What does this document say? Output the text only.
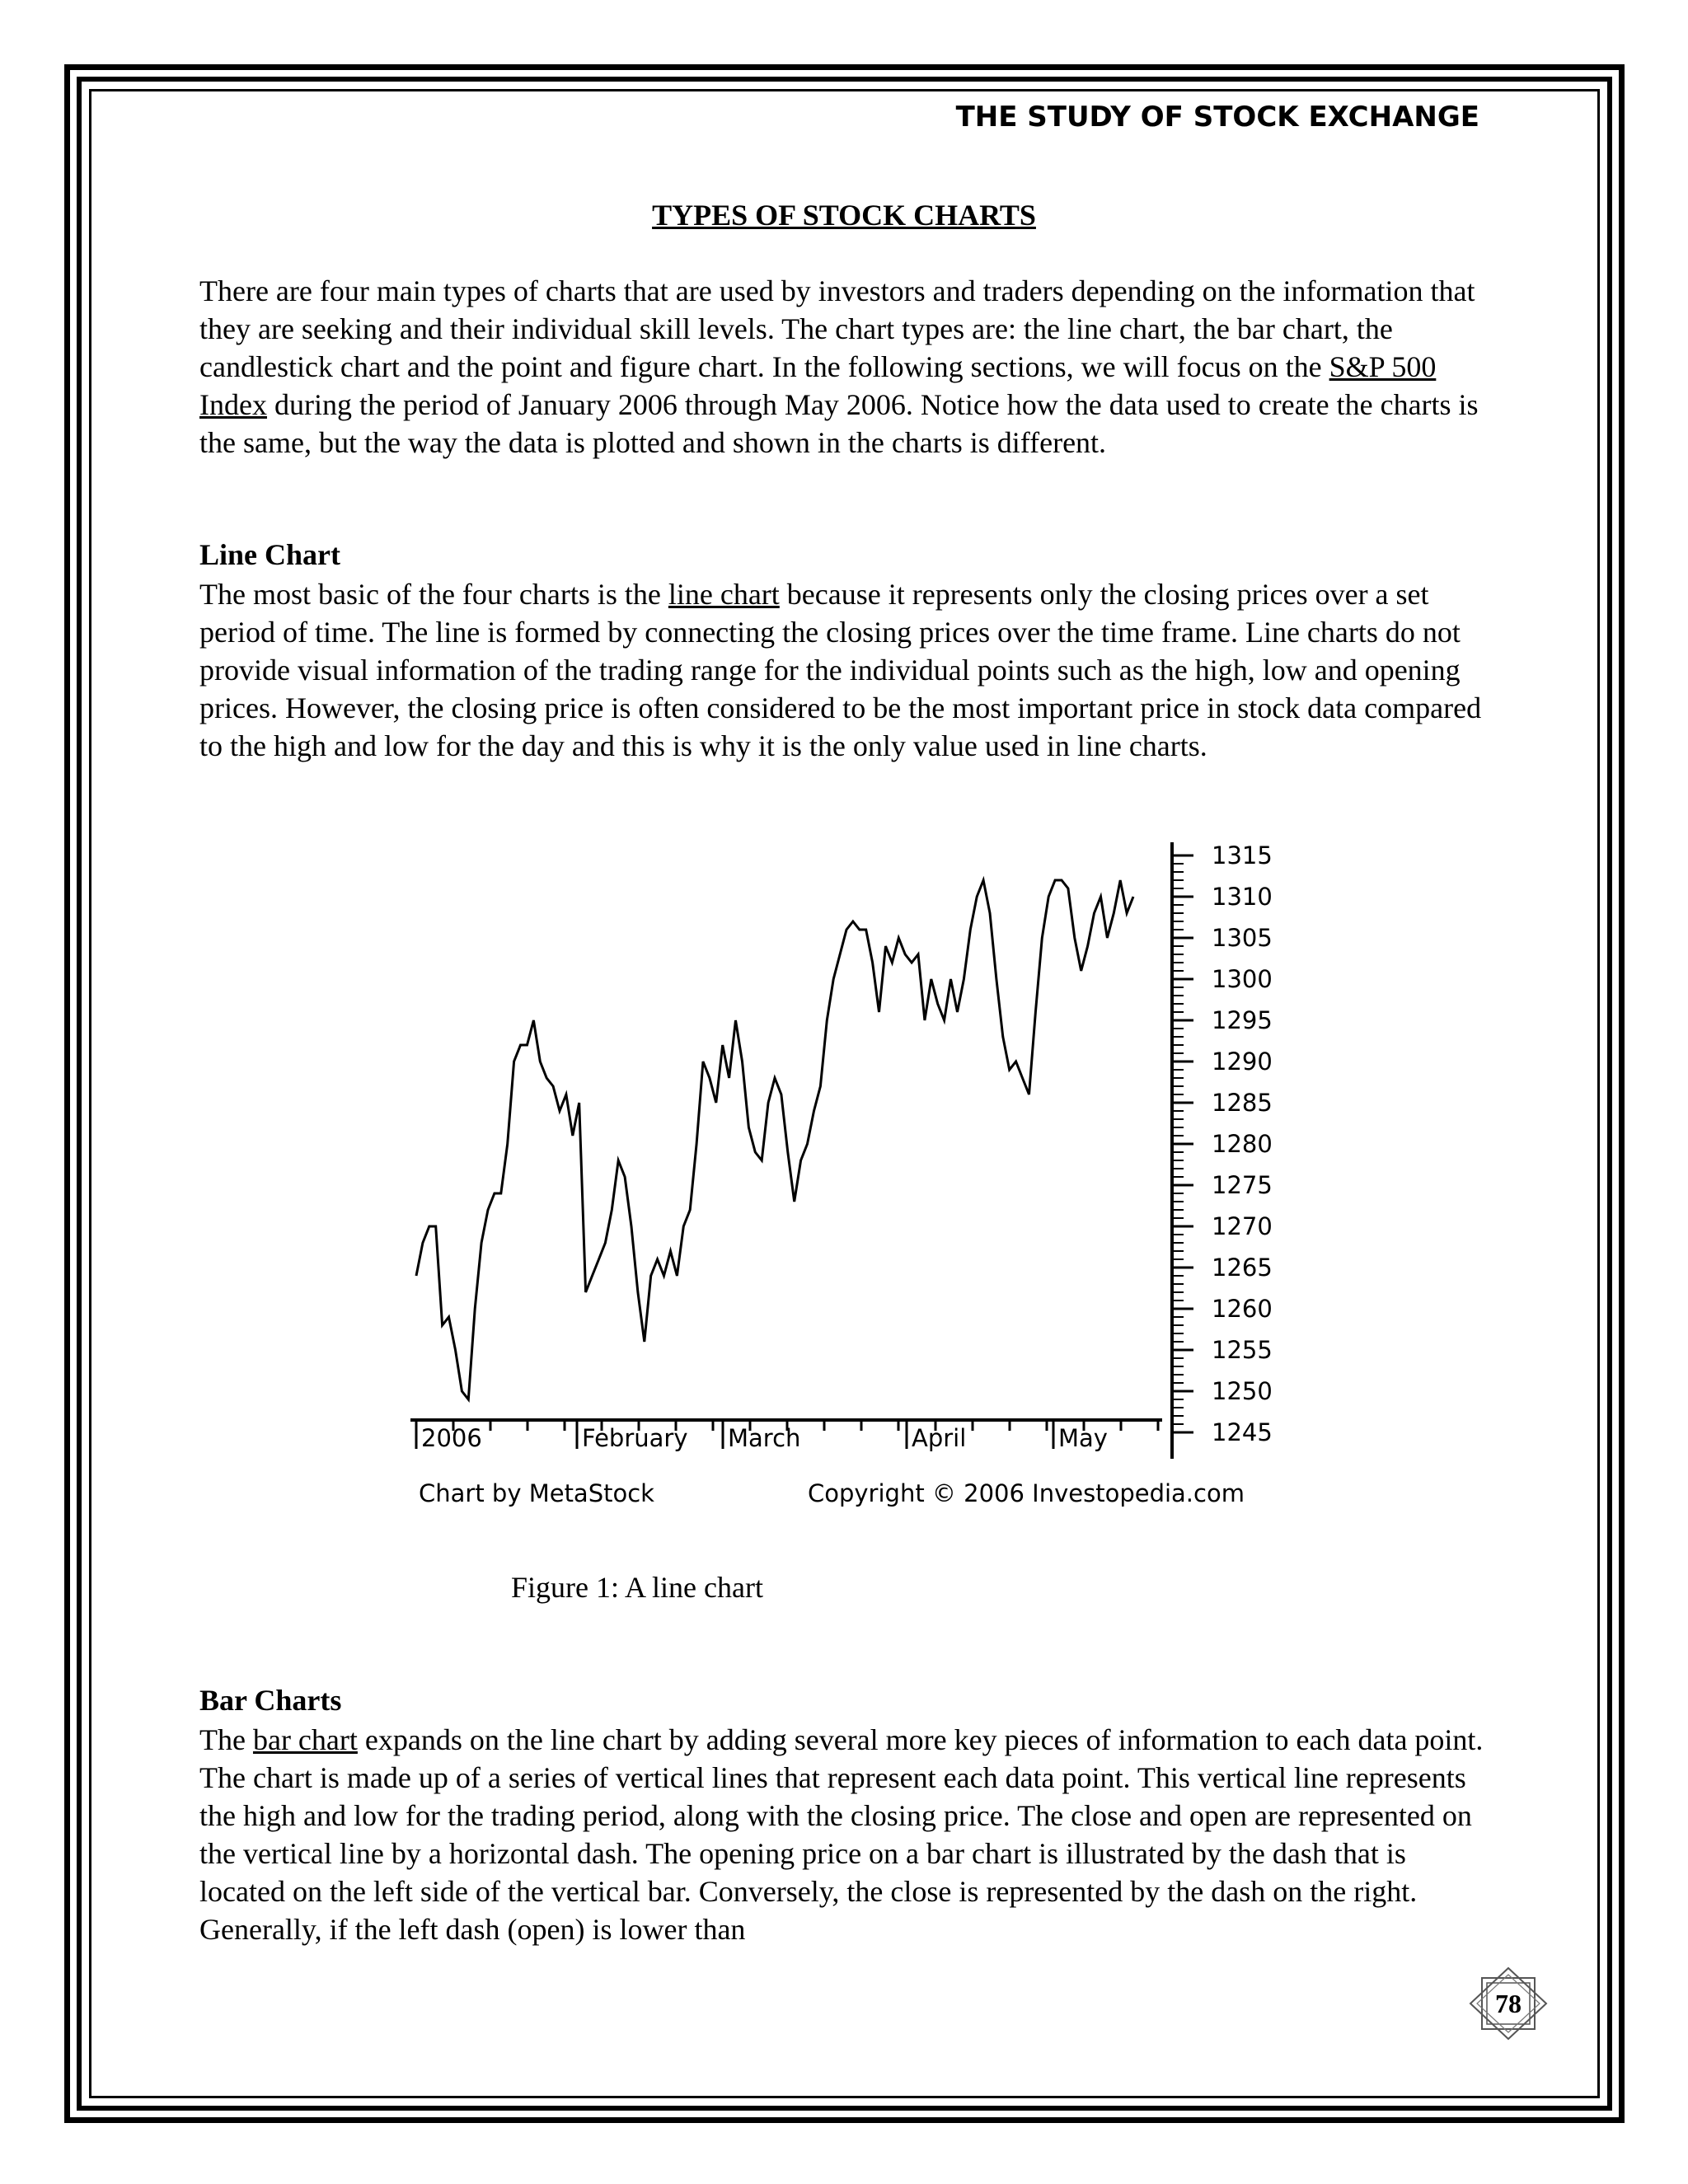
THE STUDY OF STOCK EXCHANGE
TYPES OF STOCK CHARTS

There are four main types of charts that are used by investors and traders depending on the information that they are seeking and their individual skill levels. The chart types are: the line chart, the bar chart, the candlestick chart and the point and figure chart. In the following sections, we will focus on the S&P 500 Index during the period of January 2006 through May 2006. Notice how the data used to create the charts is the same, but the way the data is plotted and shown in the charts is different.

Line Chart

The most basic of the four charts is the line chart because it represents only the closing prices over a set period of time. The line is formed by connecting the closing prices over the time frame. Line charts do not provide visual information of the trading range for the individual points such as the high, low and opening prices. However, the closing price is often considered to be the most important price in stock data compared to the high and low for the day and this is why it is the only value used in line charts.

1315
1310
1305
1300
1295
1290
1285
1280
1275
1270
1265
1260
1255
1250
1245
2006	February March	April	May
Chart by MetaStock	Copyright © 2006 Investopedia.com
Figure 1: A line chart
Bar Charts

The bar chart expands on the line chart by adding several more key pieces of information to each data point. The chart is made up of a series of vertical lines that represent each data point. This vertical line represents the high and low for the trading period, along with the closing price. The close and open are represented on the vertical line by a horizontal dash. The opening price on a bar chart is illustrated by the dash that is located on the left side of the vertical bar. Conversely, the close is represented by the dash on the right. Generally, if the left dash (open) is lower than

78
